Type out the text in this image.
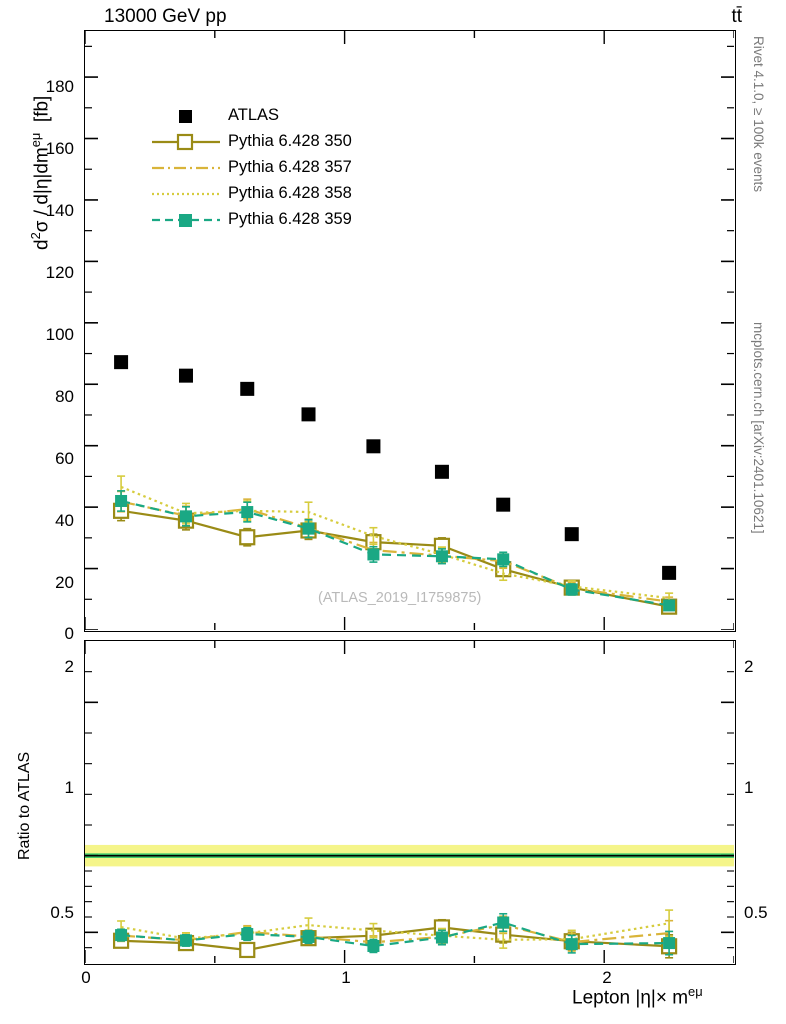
13000 GeV pp	tt̄
Rivet 4.1.0, ≥ 100k events
mcplots.cern.ch [arXiv:2401.10621]
$d^2\sigma / d|\eta|dm^{e\mu}$  [fb]
0
20
40
60
80
100
120
140
160
180
ATLAS
Pythia 6.428 350
Pythia 6.428 357
Pythia 6.428 358
Pythia 6.428 359
(ATLAS_2019_I1759875)
Ratio to ATLAS
2
1
0.5
2
1
0.5
0	1	2
Lepton $|\eta|\times m^{e\mu}$
